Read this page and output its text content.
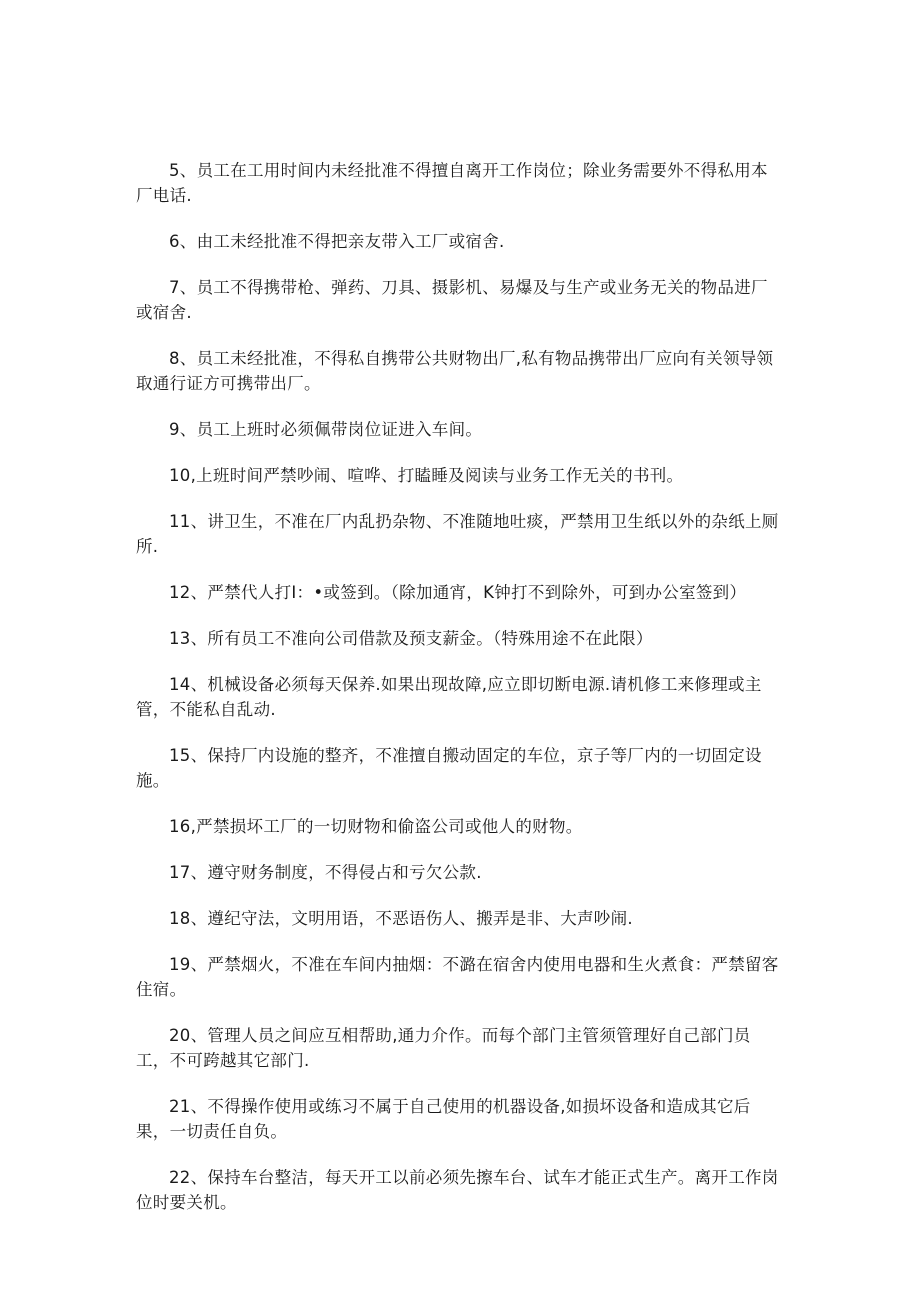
5、员工在工用时间内未经批准不得擅自离开工作岗位；除业务需要外不得私用本厂电话.

6、由工未经批准不得把亲友带入工厂或宿舍.

7、员工不得携带枪、弹药、刀具、摄影机、易爆及与生产或业务无关的物品进厂或宿舍.

8、员工未经批准，不得私自携带公共财物出厂,私有物品携带出厂应向有关领导领取通行证方可携带出厂。

9、员工上班时必须佩带岗位证进入车间。

10,上班时间严禁吵闹、喧哗、打瞌睡及阅读与业务工作无关的书刊。

11、讲卫生，不准在厂内乱扔杂物、不准随地吐痰，严禁用卫生纸以外的杂纸上厕所.

12、严禁代人打I：•或签到。（除加通宵，K钟打不到除外，可到办公室签到）

13、所有员工不准向公司借款及预支薪金。（特殊用途不在此限）

14、机械设备必须每天保养.如果出现故障,应立即切断电源.请机修工来修理或主管，不能私自乱动.

15、保持厂内设施的整齐，不准擅自搬动固定的车位，京子等厂内的一切固定设施。

16,严禁损坏工厂的一切财物和偷盗公司或他人的财物。

17、遵守财务制度，不得侵占和亏欠公款.

18、遵纪守法，文明用语，不恶语伤人、搬弄是非、大声吵闹.

19、严禁烟火，不准在车间内抽烟：不潞在宿舍内使用电器和生火煮食：严禁留客住宿。

20、管理人员之间应互相帮助,通力介作。而每个部门主管须管理好自己部门员工，不可跨越其它部门.

21、不得操作使用或练习不属于自己使用的机器设备,如损坏设备和造成其它后果，一切责任自负。

22、保持车台整洁，每天开工以前必须先擦车台、试车才能正式生产。离开工作岗位时要关机。
